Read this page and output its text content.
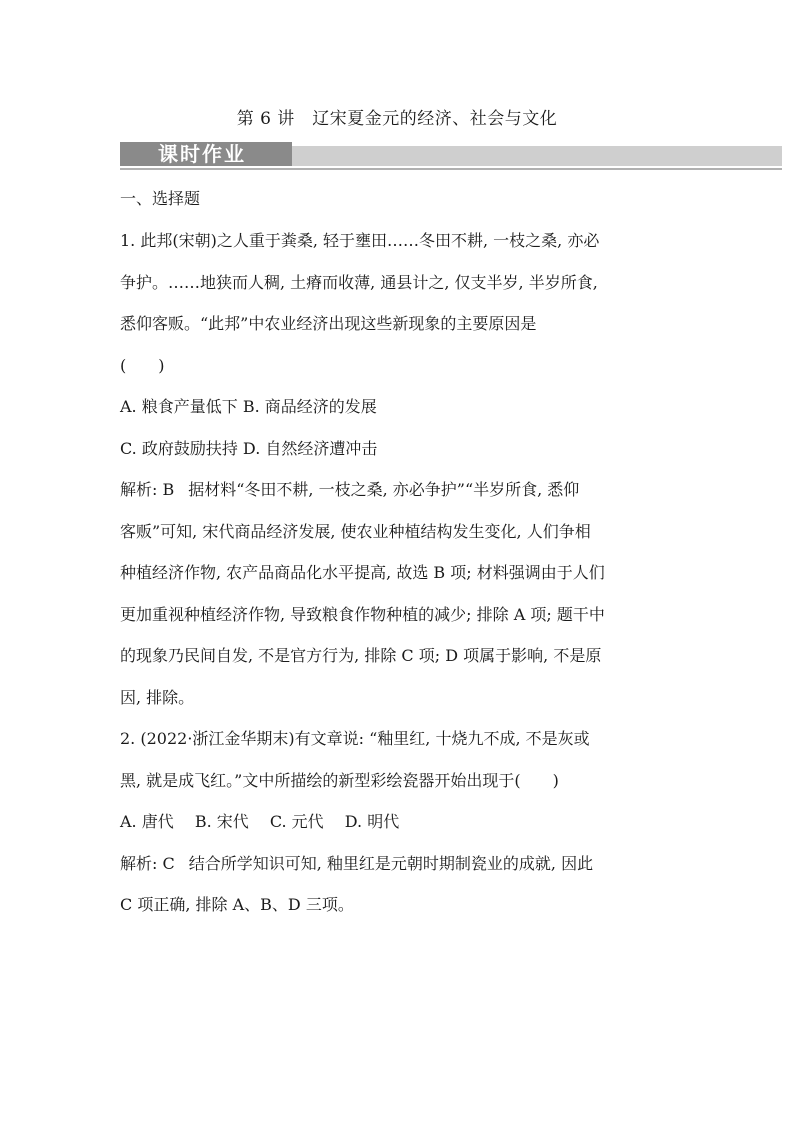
第 6 讲　辽宋夏金元的经济、社会与文化
课时作业
一、选择题
1. 此邦(宋朝)之人重于粪桑, 轻于壅田……冬田不耕, 一枝之桑, 亦必
争护。……地狭而人稠, 土瘠而收薄, 通县计之, 仅支半岁, 半岁所食,
悉仰客贩。“此邦”中农业经济出现这些新现象的主要原因是
(　　)
A. 粮食产量低下 B. 商品经济的发展
C. 政府鼓励扶持 D. 自然经济遭冲击
解析: B 据材料“冬田不耕, 一枝之桑, 亦必争护”“半岁所食, 悉仰
客贩”可知, 宋代商品经济发展, 使农业种植结构发生变化, 人们争相
种植经济作物, 农产品商品化水平提高, 故选 B 项; 材料强调由于人们
更加重视种植经济作物, 导致粮食作物种植的减少; 排除 A 项; 题干中
的现象乃民间自发, 不是官方行为, 排除 C 项; D 项属于影响, 不是原
因, 排除。
2. (2022·浙江金华期末)有文章说: “釉里红, 十烧九不成, 不是灰或
黑, 就是成飞红。”文中所描绘的新型彩绘瓷器开始出现于(　　)
A. 唐代　 B. 宋代　 C. 元代　 D. 明代
解析: C 结合所学知识可知, 釉里红是元朝时期制瓷业的成就, 因此
C 项正确, 排除 A、B、D 三项。
